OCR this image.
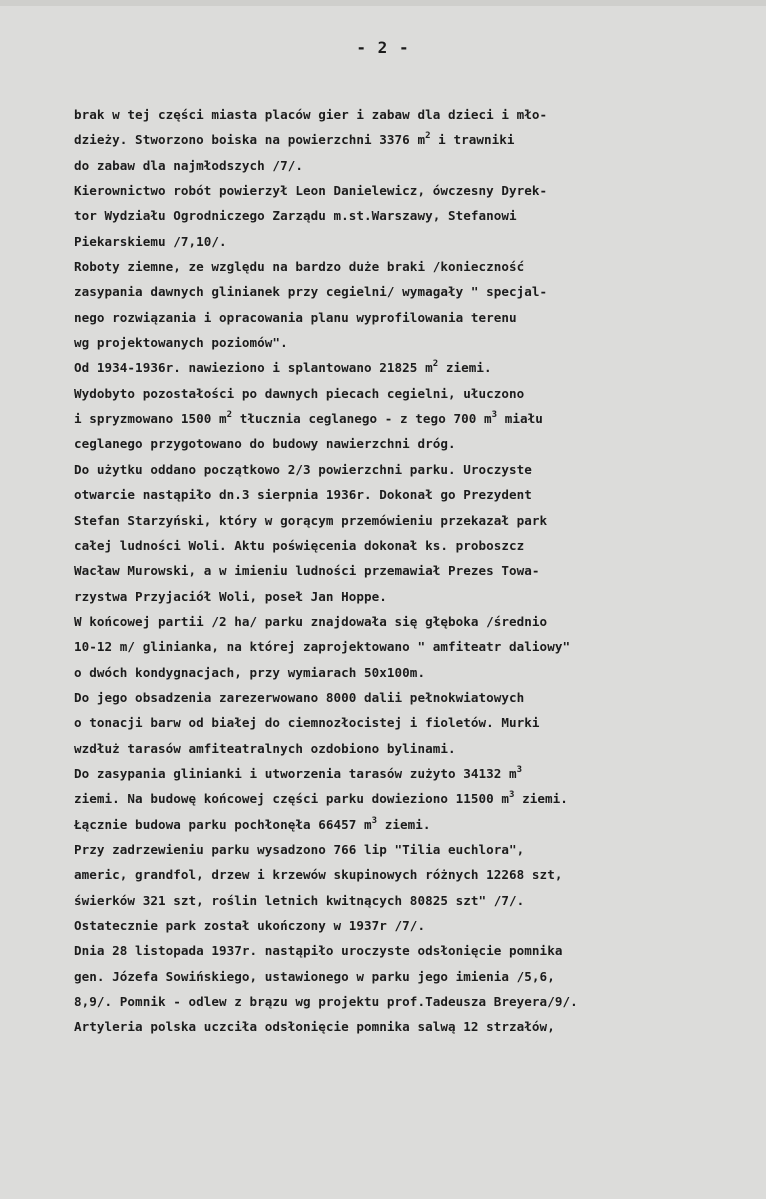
- 2 -
brak w tej części miasta placów gier i zabaw dla dzieci i mło-
dzieży. Stworzono boiska na powierzchni 3376 $m^2$ i trawniki
do zabaw dla najmłodszych /7/.
Kierownictwo robót powierzył Leon Danielewicz, ówczesny Dyrek-
tor Wydziału Ogrodniczego Zarządu m.st.Warszawy, Stefanowi
Piekarskiemu /7,10/.
Roboty ziemne, ze względu na bardzo duże braki /konieczność
zasypania dawnych glinianek przy cegielni/ wymagały " specjal-
nego rozwiązania i opracowania planu wyprofilowania terenu
wg projektowanych poziomów".
Od 1934-1936r. nawieziono i splantowano 21825 $m^2$ ziemi.
Wydobyto pozostałości po dawnych piecach cegielni, ułuczono
i spryzmowano 1500 $m^2$ tłucznia ceglanego - z tego 700 $m^3$ miału
ceglanego przygotowano do budowy nawierzchni dróg.
Do użytku oddano początkowo 2/3 powierzchni parku. Uroczyste
otwarcie nastąpiło dn.3 sierpnia 1936r. Dokonał go Prezydent
Stefan Starzyński, który w gorącym przemówieniu przekazał park
całej ludności Woli. Aktu poświęcenia dokonał ks. proboszcz
Wacław Murowski, a w imieniu ludności przemawiał Prezes Towa-
rzystwa Przyjaciół Woli, poseł Jan Hoppe.
W końcowej partii /2 ha/ parku znajdowała się głęboka /średnio
10-12 m/ glinianka, na której zaprojektowano " amfiteatr daliowy"
o dwóch kondygnacjach, przy wymiarach 50x100m.
Do jego obsadzenia zarezerwowano 8000 dalii pełnokwiatowych
o tonacji barw od białej do ciemnozłocistej i fioletów. Murki
wzdłuż tarasów amfiteatralnych ozdobiono bylinami.
Do zasypania glinianki i utworzenia tarasów zużyto 34132 $m^3$
ziemi. Na budowę końcowej części parku dowieziono 11500 $m^3$ ziemi.
Łącznie budowa parku pochłonęła 66457 $m^3$ ziemi.
Przy zadrzewieniu parku wysadzono 766 lip "Tilia euchlora",
americ, grandfol, drzew i krzewów skupinowych różnych 12268 szt,
świerków 321 szt, roślin letnich kwitnących 80825 szt" /7/.
Ostatecznie park został ukończony w 1937r /7/.
Dnia 28 listopada 1937r. nastąpiło uroczyste odsłonięcie pomnika
gen. Józefa Sowińskiego, ustawionego w parku jego imienia /5,6,
8,9/. Pomnik - odlew z brązu wg projektu prof.Tadeusza Breyera/9/.
Artyleria polska uczciła odsłonięcie pomnika salwą 12 strzałów,
